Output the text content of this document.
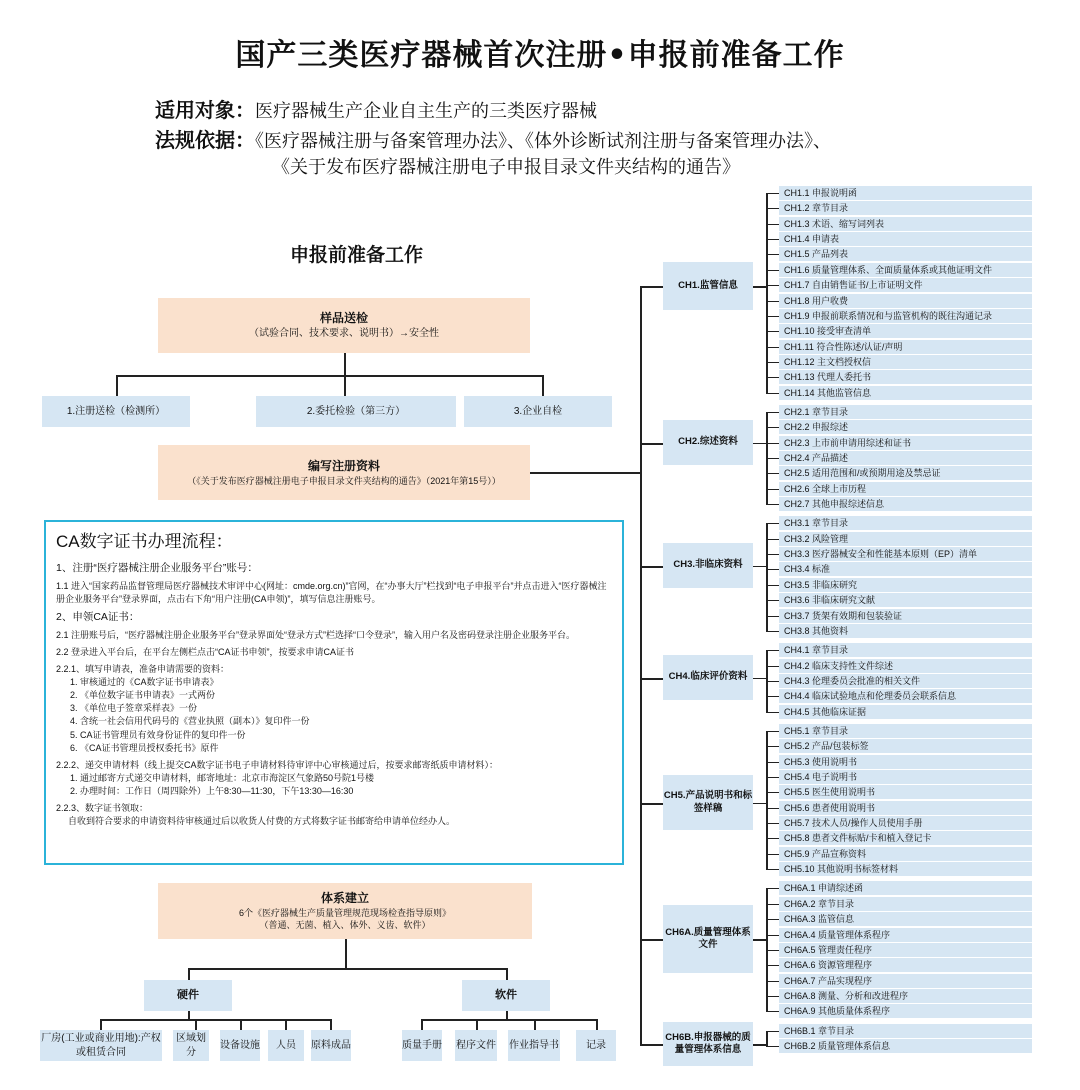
国产三类医疗器械首次注册•申报前准备工作
适用对象：医疗器械生产企业自主生产的三类医疗器械
法规依据：《医疗器械注册与备案管理办法》、《体外诊断试剂注册与备案管理办法》、
《关于发布医疗器械注册电子申报目录文件夹结构的通告》
申报前准备工作
样品送检
（试验合同、技术要求、说明书）→安全性
1.注册送检（检测所）	2.委托检验（第三方）	3.企业自检
编写注册资料
（《关于发布医疗器械注册电子申报目录文件夹结构的通告》（2021年第15号））
CA数字证书办理流程：
1、注册“医疗器械注册企业服务平台”账号：
1.1 进入“国家药品监督管理局医疗器械技术审评中心(网址：cmde.org.cn)”官网，在“办事大厅”栏找到“电子申报平台”并点击进入“医疗器械注册企业服务平台”登录界面，点击右下角“用户注册(CA申领)”，填写信息注册账号。
2、申领CA证书：
2.1 注册账号后，“医疗器械注册企业服务平台”登录界面处“登录方式”栏选择“口令登录”，输入用户名及密码登录注册企业服务平台。
2.2 登录进入平台后，在平台左侧栏点击“CA证书申领”，按要求申请CA证书
2.2.1、填写申请表，准备申请需要的资料：
1. 审核通过的《CA数字证书申请表》
2. 《单位数字证书申请表》一式两份
3. 《单位电子签章采样表》一份
4. 含统一社会信用代码号的《营业执照（副本）》复印件一份
5. CA证书管理员有效身份证件的复印件一份
6. 《CA证书管理员授权委托书》原件
2.2.2、递交申请材料（线上提交CA数字证书电子申请材料待审评中心审核通过后，按要求邮寄纸质申请材料）：
1. 通过邮寄方式递交申请材料，邮寄地址：北京市海淀区气象路50号院1号楼
2. 办理时间：工作日（周四除外）上午8:30—11:30，下午13:30—16:30
2.2.3、数字证书领取：
自收到符合要求的申请资料待审核通过后以收货人付费的方式将数字证书邮寄给申请单位经办人。
体系建立
6个《医疗器械生产质量管理规范现场检查指导原则》
（普通、无菌、植入、体外、义齿、软件）
硬件	软件
厂房(工业或商业用地):产权或租赁合同
区域划分
设备设施 人员 原料成品	质量手册 程序文件 作业指导书	记录
CH1.1 申报说明函
CH1.2 章节目录
CH1.3 术语、缩写词列表
CH1.4 申请表
CH1.5 产品列表
CH1.6 质量管理体系、全面质量体系或其他证明文件
CH1.7 自由销售证书/上市证明文件
CH1.8 用户收费
CH1.9 申报前联系情况和与监管机构的既往沟通记录
CH1.10 接受审查清单
CH1.11 符合性陈述/认证/声明
CH1.12 主文档授权信
CH1.13 代理人委托书
CH1.14 其他监管信息
CH1.监管信息
CH2.1 章节目录
CH2.2 申报综述
CH2.3 上市前申请用综述和证书
CH2.4 产品描述
CH2.5 适用范围和/或预期用途及禁忌证
CH2.6 全球上市历程
CH2.7 其他申报综述信息
CH2.综述资料
CH3.1 章节目录
CH3.2 风险管理
CH3.3 医疗器械安全和性能基本原则（EP）清单
CH3.4 标准
CH3.5 非临床研究
CH3.6 非临床研究文献
CH3.7 货架有效期和包装验证
CH3.8 其他资料
CH3.非临床资料
CH4.1 章节目录
CH4.2 临床支持性文件综述
CH4.3 伦理委员会批准的相关文件
CH4.4 临床试验地点和伦理委员会联系信息
CH4.5 其他临床证据
CH4.临床评价资料
CH5.1 章节目录
CH5.2 产品/包装标签
CH5.3 使用说明书
CH5.4 电子说明书
CH5.5 医生使用说明书
CH5.6 患者使用说明书
CH5.7 技术人员/操作人员使用手册
CH5.8 患者文件标贴/卡和植入登记卡
CH5.9 产品宣称资料
CH5.10 其他说明书标签材料
CH5.产品说明书和标签样稿
CH6A.1 申请综述函
CH6A.2 章节目录
CH6A.3 监管信息
CH6A.4 质量管理体系程序
CH6A.5 管理责任程序
CH6A.6 资源管理程序
CH6A.7 产品实现程序
CH6A.8 测量、分析和改进程序
CH6A.9 其他质量体系程序
CH6A.质量管理体系文件
CH6B.1 章节目录
CH6B.2 质量管理体系信息
CH6B.申报器械的质量管理体系信息
